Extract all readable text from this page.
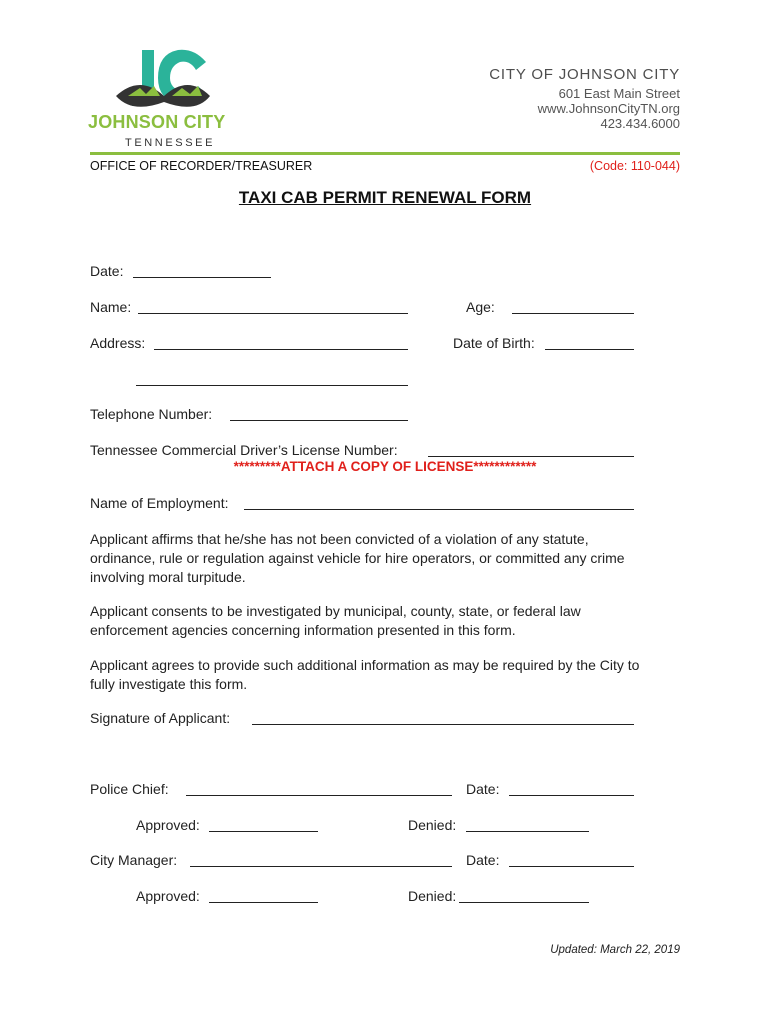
JOHNSON CITY
TENNESSEE
CITY OF JOHNSON CITY
601 East Main Street
www.JohnsonCityTN.org
423.434.6000
OFFICE OF RECORDER/TREASURER	(Code: 110-044)
TAXI CAB PERMIT RENEWAL FORM
Date:
Name:	Age:
Address:	Date of Birth:
Telephone Number:
Tennessee Commercial Driver’s License Number:
*********ATTACH A COPY OF LICENSE************
Name of Employment:
Applicant affirms that he/she has not been convicted of a violation of any statute, ordinance, rule or regulation against vehicle for hire operators, or committed any crime involving moral turpitude.
Applicant consents to be investigated by municipal, county, state, or federal law enforcement agencies concerning information presented in this form.
Applicant agrees to provide such additional information as may be required by the City to fully investigate this form.
Signature of Applicant:
Police Chief:	Date:
Approved:	Denied:
City Manager:	Date:
Approved:	Denied:
Updated: March 22, 2019
